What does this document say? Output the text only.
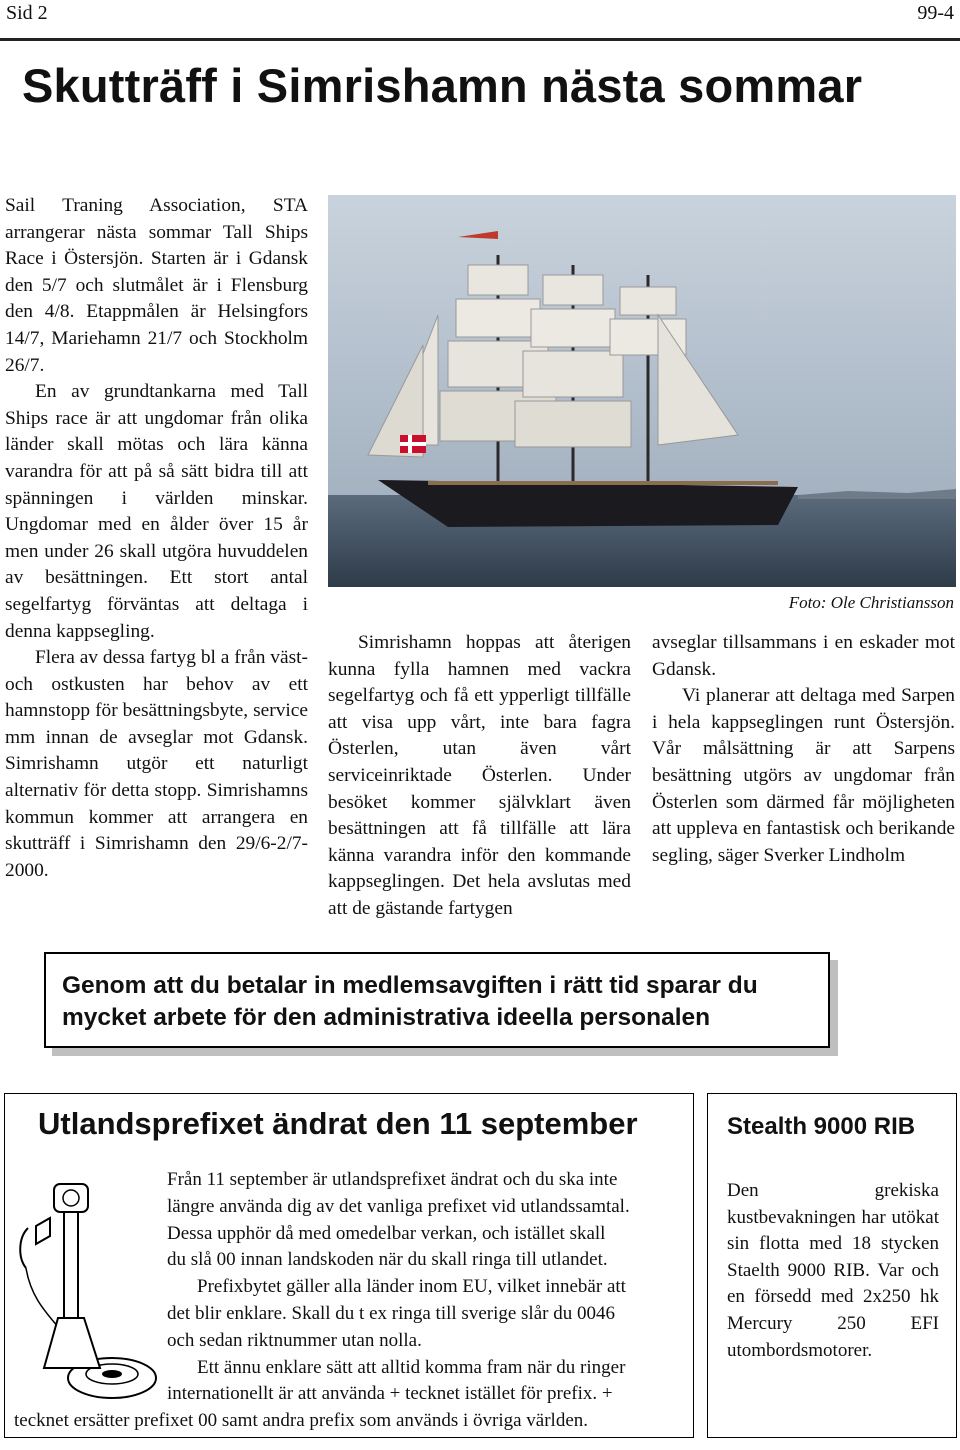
Sid 2	99-4
Skutträff i Simrishamn nästa sommar

Sail Traning Association, STA arrangerar nästa sommar Tall Ships Race i Östersjön. Starten är i Gdansk den 5/7 och slutmålet är i Flensburg den 4/8. Etappmålen är Helsingfors 14/7, Mariehamn 21/7 och Stockholm 26/7.

En av grundtankarna med Tall Ships race är att ungdomar från olika länder skall mötas och lära känna varandra för att på så sätt bidra till att spänningen i världen minskar. Ungdomar med en ålder över 15 år men under 26 skall utgöra huvuddelen av besättningen. Ett stort antal segelfartyg förväntas att deltaga i denna kappsegling.

Flera av dessa fartyg bl a från väst- och ostkusten har behov av ett hamnstopp för besättningsbyte, service mm innan de avseglar mot Gdansk. Simrishamn utgör ett naturligt alternativ för detta stopp. Simrishamns kommun kommer att arrangera en skutträff i Simrishamn den 29/6-2/7-2000.

Foto: Ole Christiansson

Simrishamn hoppas att återigen kunna fylla hamnen med vackra segelfartyg och få ett ypperligt tillfälle att visa upp vårt, inte bara fagra Österlen, utan även vårt serviceinriktade Österlen. Under besöket kommer självklart även besättningen att få tillfälle att lära känna varandra inför den kommande kappseglingen. Det hela avslutas med att de gästande fartygen

avseglar tillsammans i en eskader mot Gdansk.

Vi planerar att deltaga med Sarpen i hela kappseglingen runt Östersjön. Vår målsättning är att Sarpens besättning utgörs av ungdomar från Österlen som därmed får möjligheten att uppleva en fantastisk och berikande segling, säger Sverker Lindholm

Genom att du betalar in medlemsavgiften i rätt tid sparar du
mycket arbete för den administrativa ideella personalen
Utlandsprefixet ändrat den 11 september
Från 11 september är utlandsprefixet ändrat och du ska inte
längre använda dig av det vanliga prefixet vid utlandssamtal.
Dessa upphör då med omedelbar verkan, och istället skall
du slå 00 innan landskoden när du skall ringa till utlandet.
Prefixbytet gäller alla länder inom EU, vilket innebär att
det blir enklare. Skall du t ex ringa till sverige slår du 0046
och sedan riktnummer utan nolla.
Ett ännu enklare sätt att alltid komma fram när du ringer
internationellt är att använda + tecknet istället för prefix. +
tecknet ersätter prefixet 00 samt andra prefix som används i övriga världen.
Stealth 9000 RIB
Den grekiska kustbevakningen har utökat sin flotta med 18 stycken Staelth 9000 RIB. Var och en försedd med 2x250 hk Mercury 250 EFI utombordsmotorer.
